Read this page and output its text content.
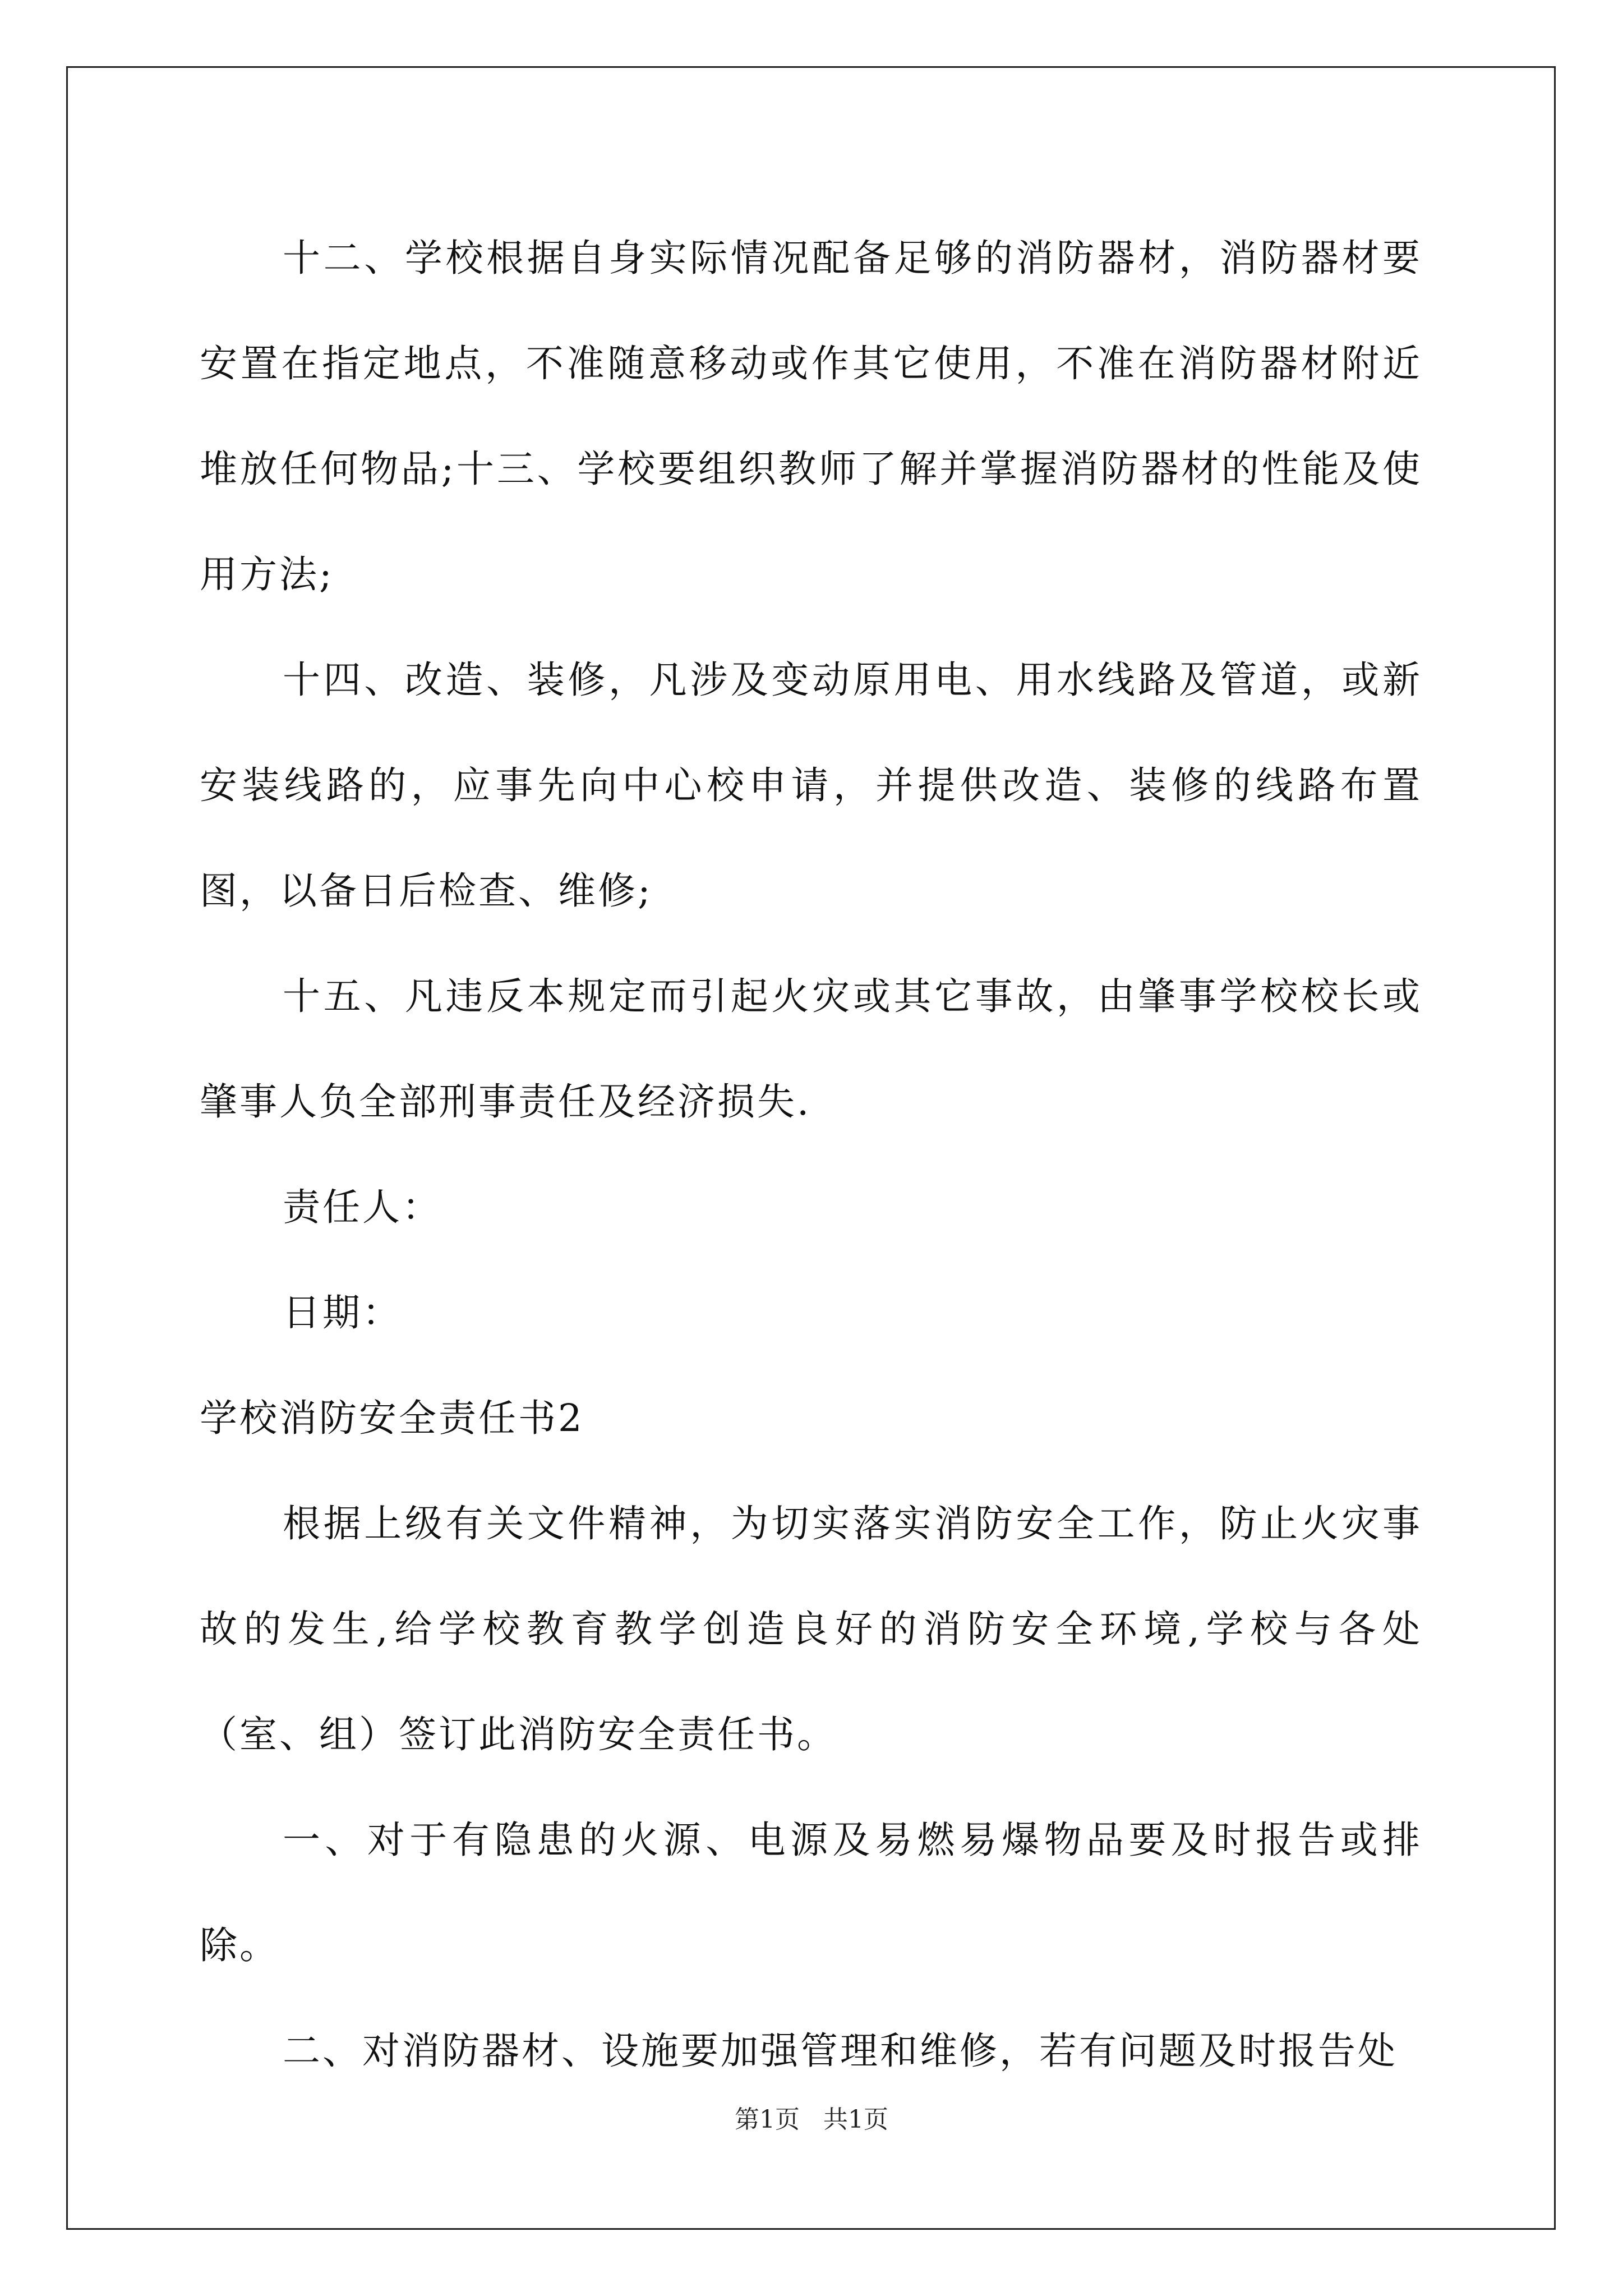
十二、学校根据自身实际情况配备足够的消防器材，消防器材要安置在指定地点，不准随意移动或作其它使用，不准在消防器材附近堆放任何物品;十三、学校要组织教师了解并掌握消防器材的性能及使用方法;

十四、改造、装修，凡涉及变动原用电、用水线路及管道，或新安装线路的，应事先向中心校申请，并提供改造、装修的线路布置图，以备日后检查、维修;

十五、凡违反本规定而引起火灾或其它事故，由肇事学校校长或肇事人负全部刑事责任及经济损失.

责任人：

日期：

学校消防安全责任书2

根据上级有关文件精神，为切实落实消防安全工作，防止火灾事故的发生,给学校教育教学创造良好的消防安全环境,学校与各处（室、组）签订此消防安全责任书。

一、对于有隐患的火源、电源及易燃易爆物品要及时报告或排除。

二、对消防器材、设施要加强管理和维修，若有问题及时报告处

第1页 共1页
